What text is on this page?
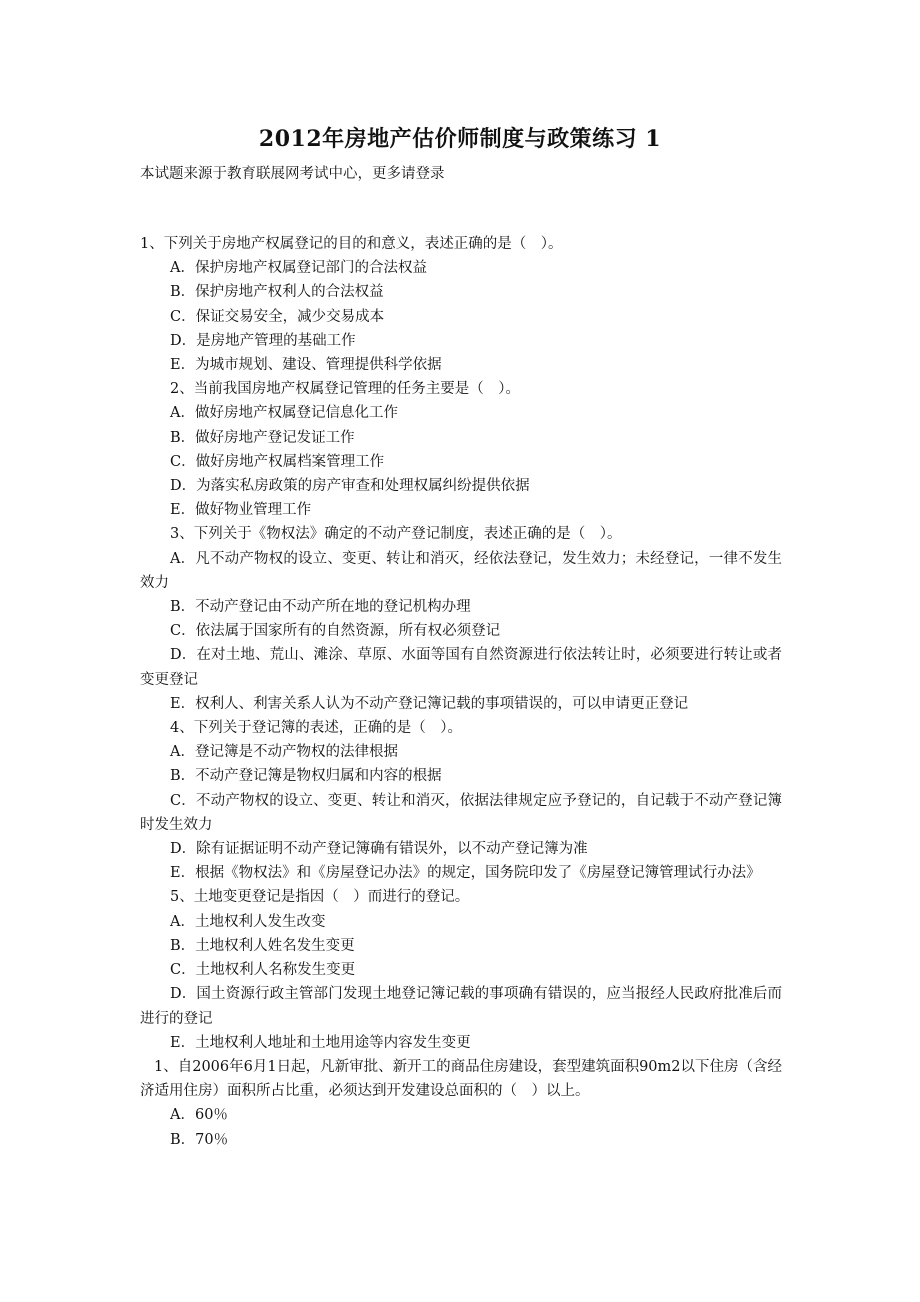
2012年房地产估价师制度与政策练习 1
本试题来源于教育联展网考试中心，更多请登录
1、下列关于房地产权属登记的目的和意义，表述正确的是（　）。
A．保护房地产权属登记部门的合法权益
B．保护房地产权利人的合法权益
C．保证交易安全，减少交易成本
D．是房地产管理的基础工作
E．为城市规划、建设、管理提供科学依据
2、当前我国房地产权属登记管理的任务主要是（　）。
A．做好房地产权属登记信息化工作
B．做好房地产登记发证工作
C．做好房地产权属档案管理工作
D．为落实私房政策的房产审查和处理权属纠纷提供依据
E．做好物业管理工作
3、下列关于《物权法》确定的不动产登记制度，表述正确的是（　）。
A．凡不动产物权的设立、变更、转让和消灭，经依法登记，发生效力；未经登记，一律不发生效力
B．不动产登记由不动产所在地的登记机构办理
C．依法属于国家所有的自然资源，所有权必须登记
D．在对土地、荒山、滩涂、草原、水面等国有自然资源进行依法转让时，必须要进行转让或者变更登记
E．权利人、利害关系人认为不动产登记簿记载的事项错误的，可以申请更正登记
4、下列关于登记簿的表述，正确的是（　）。
A．登记簿是不动产物权的法律根据
B．不动产登记簿是物权归属和内容的根据
C．不动产物权的设立、变更、转让和消灭，依据法律规定应予登记的，自记载于不动产登记簿时发生效力
D．除有证据证明不动产登记簿确有错误外，以不动产登记簿为准
E．根据《物权法》和《房屋登记办法》的规定，国务院印发了《房屋登记簿管理试行办法》
5、土地变更登记是指因（　）而进行的登记。
A．土地权利人发生改变
B．土地权利人姓名发生变更
C．土地权利人名称发生变更
D．国土资源行政主管部门发现土地登记簿记载的事项确有错误的，应当报经人民政府批准后而进行的登记
E．土地权利人地址和土地用途等内容发生变更
1、自2006年6月1日起，凡新审批、新开工的商品住房建设，套型建筑面积90m2以下住房（含经济适用住房）面积所占比重，必须达到开发建设总面积的（　）以上。
A．60％
B．70％
